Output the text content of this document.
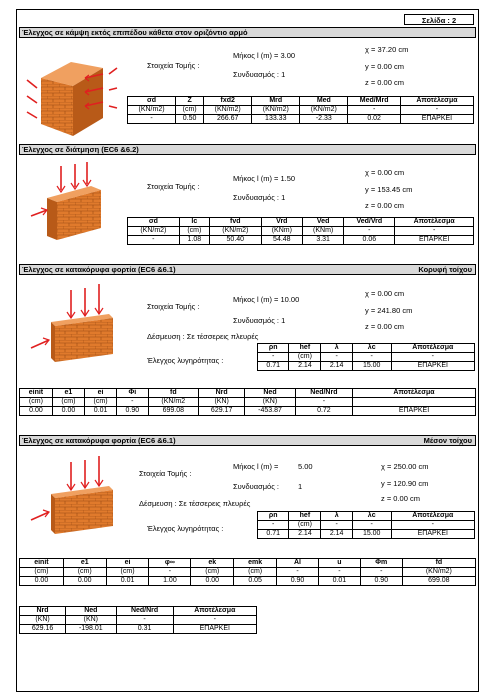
Σελίδα : 2
Έλεγχος σε κάμψη εκτός επιπέδου κάθετα στον οριζόντιο αρμό
Στοιχεία Τομής :
Μήκος l (m) = 3.00
Συνδυασμός : 1
χ = 37.20 cm
y = 0.00 cm
z = 0.00 cm
σd	Z	fxd2	Mrd	Med	Med/Mrd	Αποτέλεσμα
(KN/m2)	(cm)	(KN/m2)	(KN/m2)	(KN/m2)	-	-
-	0.50	266.67	133.33	-2.33	0.02	ΕΠΑΡΚΕΙ
Έλεγχος σε διάτμηση (EC6 &6.2)
Στοιχεία Τομής :
Μήκος l (m) = 1.50
Συνδυασμός : 1
χ = 0.00 cm
y = 153.45 cm
z = 0.00 cm
σd	lc	fvd	Vrd	Ved	Ved/Vrd	Αποτέλεσμα
(KN/m2)	(cm)	(KN/m2)	(KNm)	(KNm)	-	-
-	1.08	50.40	54.48	3.31	0.06	ΕΠΑΡΚΕΙ
Έλεγχος σε κατακόρυφα φορτία (EC6 &6.1)	Κορυφή τοίχου
Στοιχεία Τομής :
Μήκος l (m) = 10.00
Συνδυασμός : 1
χ = 0.00 cm
y = 241.80 cm
z = 0.00 cm
Δέσμευση : Σε τέσσερεις πλευρές
Έλεγχος λυγηρότητας :
ρn	hef	λ	λc	Αποτέλεσμα
-	(cm)	-	-	-
0.71	2.14	2.14	15.00	ΕΠΑΡΚΕΙ
einit	e1	ei	Φi	fd	Nrd	Ned	Ned/Nrd	Αποτέλεσμα
(cm)	(cm)	(cm)	-	(KN/m2	(KN)	(KN)	-	
0.00	0.00	0.01	0.90	699.08	629.17	-453.87	0.72	ΕΠΑΡΚΕΙ
Έλεγχος σε κατακόρυφα φορτία (EC6 &6.1)	Μέσον τοίχου
Στοιχεία Τομής :
Μήκος l (m) =	5.00
Συνδυασμός :	1
χ = 250.00 cm
y = 120.90 cm
z = 0.00 cm
Δέσμευση : Σε τέσσερεις πλευρές
Έλεγχος λυγηρότητας :
ρn	hef	λ	λc	Αποτέλεσμα
-	(cm)	-	-	-
0.71	2.14	2.14	15.00	ΕΠΑΡΚΕΙ
einit	e1	ei	φ∞	ek	emk	Al	u	Φm	fd
(cm)	(cm)	(cm)	-	(cm)	(cm)	-	-	-	(KN/m2)
0.00	0.00	0.01	1.00	0.00	0.05	0.90	0.01	0.90	699.08
Nrd	Ned	Ned/Nrd	Αποτέλεσμα
(KN)	(KN)	-	-
629.16	-198.01	0.31	ΕΠΑΡΚΕΙ
